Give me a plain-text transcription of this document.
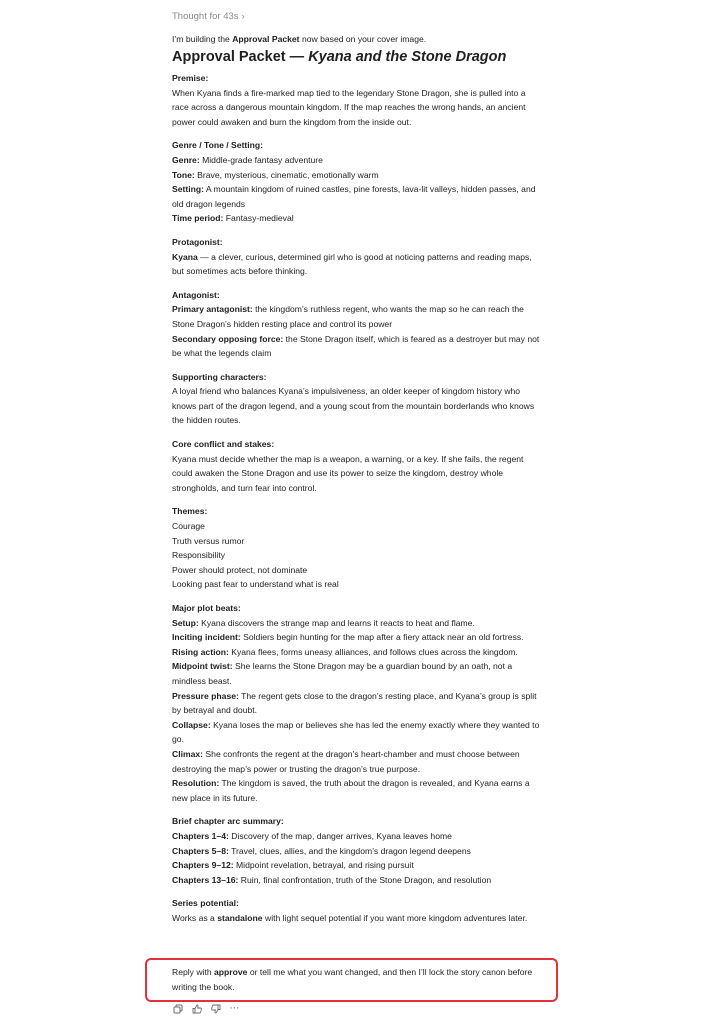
Thought for 43s ›
I’m building the Approval Packet now based on your cover image.
Approval Packet — Kyana and the Stone Dragon
Premise:
When Kyana finds a fire-marked map tied to the legendary Stone Dragon, she is pulled into a race across a dangerous mountain kingdom. If the map reaches the wrong hands, an ancient power could awaken and burn the kingdom from the inside out.
Genre / Tone / Setting:
Genre: Middle-grade fantasy adventure
Tone: Brave, mysterious, cinematic, emotionally warm
Setting: A mountain kingdom of ruined castles, pine forests, lava-lit valleys, hidden passes, and old dragon legends
Time period: Fantasy-medieval
Protagonist:
Kyana — a clever, curious, determined girl who is good at noticing patterns and reading maps, but sometimes acts before thinking.
Antagonist:
Primary antagonist: the kingdom’s ruthless regent, who wants the map so he can reach the Stone Dragon’s hidden resting place and control its power
Secondary opposing force: the Stone Dragon itself, which is feared as a destroyer but may not be what the legends claim
Supporting characters:
A loyal friend who balances Kyana’s impulsiveness, an older keeper of kingdom history who knows part of the dragon legend, and a young scout from the mountain borderlands who knows the hidden routes.
Core conflict and stakes:
Kyana must decide whether the map is a weapon, a warning, or a key. If she fails, the regent could awaken the Stone Dragon and use its power to seize the kingdom, destroy whole strongholds, and turn fear into control.
Themes:
Courage
Truth versus rumor
Responsibility
Power should protect, not dominate
Looking past fear to understand what is real
Major plot beats:
Setup: Kyana discovers the strange map and learns it reacts to heat and flame.
Inciting incident: Soldiers begin hunting for the map after a fiery attack near an old fortress.
Rising action: Kyana flees, forms uneasy alliances, and follows clues across the kingdom.
Midpoint twist: She learns the Stone Dragon may be a guardian bound by an oath, not a mindless beast.
Pressure phase: The regent gets close to the dragon’s resting place, and Kyana’s group is split by betrayal and doubt.
Collapse: Kyana loses the map or believes she has led the enemy exactly where they wanted to go.
Climax: She confronts the regent at the dragon’s heart-chamber and must choose between destroying the map’s power or trusting the dragon’s true purpose.
Resolution: The kingdom is saved, the truth about the dragon is revealed, and Kyana earns a new place in its future.
Brief chapter arc summary:
Chapters 1–4: Discovery of the map, danger arrives, Kyana leaves home
Chapters 5–8: Travel, clues, allies, and the kingdom’s dragon legend deepens
Chapters 9–12: Midpoint revelation, betrayal, and rising pursuit
Chapters 13–16: Ruin, final confrontation, truth of the Stone Dragon, and resolution
Series potential:
Works as a standalone with light sequel potential if you want more kingdom adventures later.
Reply with approve or tell me what you want changed, and then I’ll lock the story canon before writing the book.
⋯
